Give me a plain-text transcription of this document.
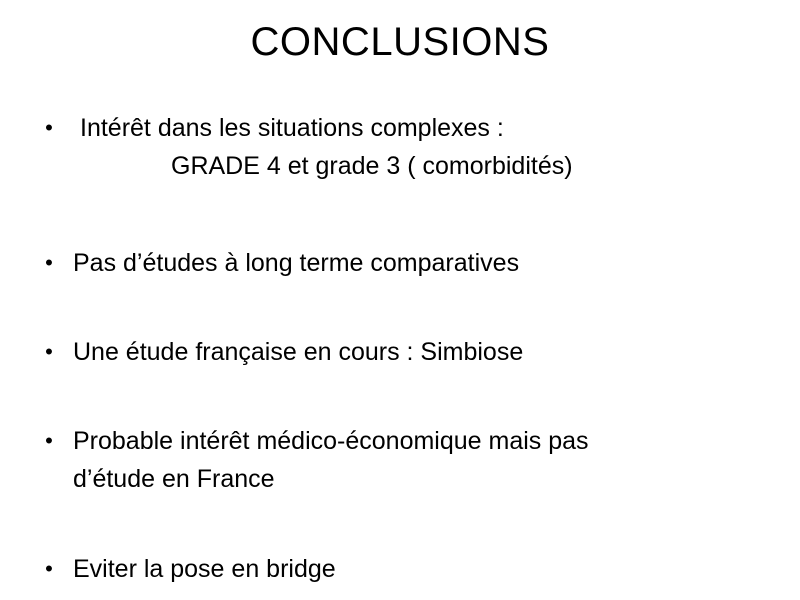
CONCLUSIONS
• Intérêt dans les situations complexes :
GRADE 4 et grade 3 ( comorbidités)
• Pas d’études à long terme comparatives
• Une étude française en cours : Simbiose
• Probable intérêt médico-économique mais pas
d’étude en France
• Eviter la pose en bridge
